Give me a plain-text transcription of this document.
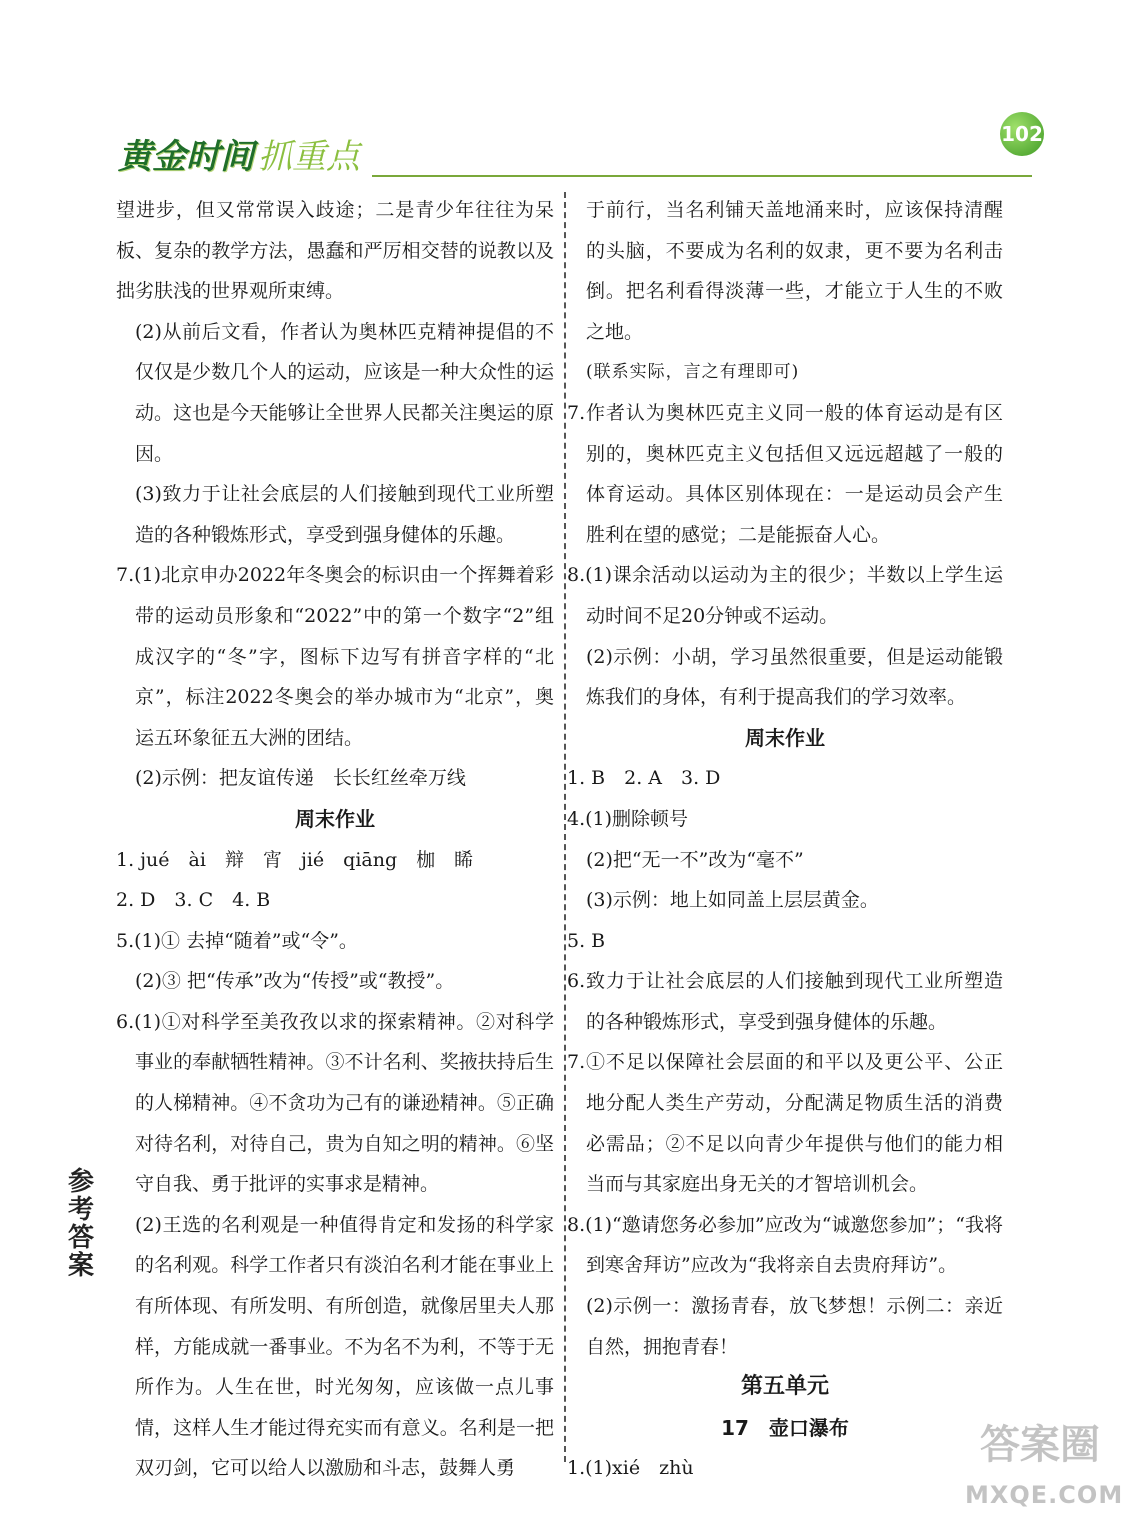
黄金时间 抓重点
102
参考答案

望进步，但又常常误入歧途；二是青少年往往为呆板、复杂的教学方法，愚蠢和严厉相交替的说教以及拙劣肤浅的世界观所束缚。

(2)从前后文看，作者认为奥林匹克精神提倡的不仅仅是少数几个人的运动，应该是一种大众性的运动。这也是今天能够让全世界人民都关注奥运的原因。

(3)致力于让社会底层的人们接触到现代工业所塑造的各种锻炼形式，享受到强身健体的乐趣。

7.(1)北京申办2022年冬奥会的标识由一个挥舞着彩带的运动员形象和“2022”中的第一个数字“2”组成汉字的“冬”字，图标下边写有拼音字样的“北京”，标注2022冬奥会的举办城市为“北京”，奥运五环象征五大洲的团结。

(2)示例：把友谊传递　长长红丝牵万线

周末作业

1. jué　ài　辩　宵　jié　qiāng　枷　睎

2. D　3. C　4. B

5.(1)① 去掉“随着”或“令”。

(2)③ 把“传承”改为“传授”或“教授”。

6.(1)①对科学至美孜孜以求的探索精神。②对科学事业的奉献牺牲精神。③不计名利、奖掖扶持后生的人梯精神。④不贪功为己有的谦逊精神。⑤正确对待名利，对待自己，贵为自知之明的精神。⑥坚守自我、勇于批评的实事求是精神。

(2)王选的名利观是一种值得肯定和发扬的科学家的名利观。科学工作者只有淡泊名利才能在事业上有所体现、有所发明、有所创造，就像居里夫人那样，方能成就一番事业。不为名不为利，不等于无所作为。人生在世，时光匆匆，应该做一点儿事情，这样人生才能过得充实而有意义。名利是一把双刃剑，它可以给人以激励和斗志，鼓舞人勇

于前行，当名利铺天盖地涌来时，应该保持清醒的头脑，不要成为名利的奴隶，更不要为名利击倒。把名利看得淡薄一些，才能立于人生的不败之地。

(联系实际，言之有理即可)

7.作者认为奥林匹克主义同一般的体育运动是有区别的，奥林匹克主义包括但又远远超越了一般的体育运动。具体区别体现在：一是运动员会产生胜利在望的感觉；二是能振奋人心。

8.(1)课余活动以运动为主的很少；半数以上学生运动时间不足20分钟或不运动。

(2)示例：小胡，学习虽然很重要，但是运动能锻炼我们的身体，有利于提高我们的学习效率。

周末作业

1. B　2. A　3. D

4.(1)删除顿号

(2)把“无一不”改为“毫不”

(3)示例：地上如同盖上层层黄金。

5. B

6.致力于让社会底层的人们接触到现代工业所塑造的各种锻炼形式，享受到强身健体的乐趣。

7.①不足以保障社会层面的和平以及更公平、公正地分配人类生产劳动，分配满足物质生活的消费必需品；②不足以向青少年提供与他们的能力相当而与其家庭出身无关的才智培训机会。

8.(1)“邀请您务必参加”应改为“诚邀您参加”；“我将到寒舍拜访”应改为“我将亲自去贵府拜访”。

(2)示例一：激扬青春，放飞梦想！示例二：亲近自然，拥抱青春！

第五单元

17　壶口瀑布

1.(1)xié　zhù

答案圈
MXQE.COM
